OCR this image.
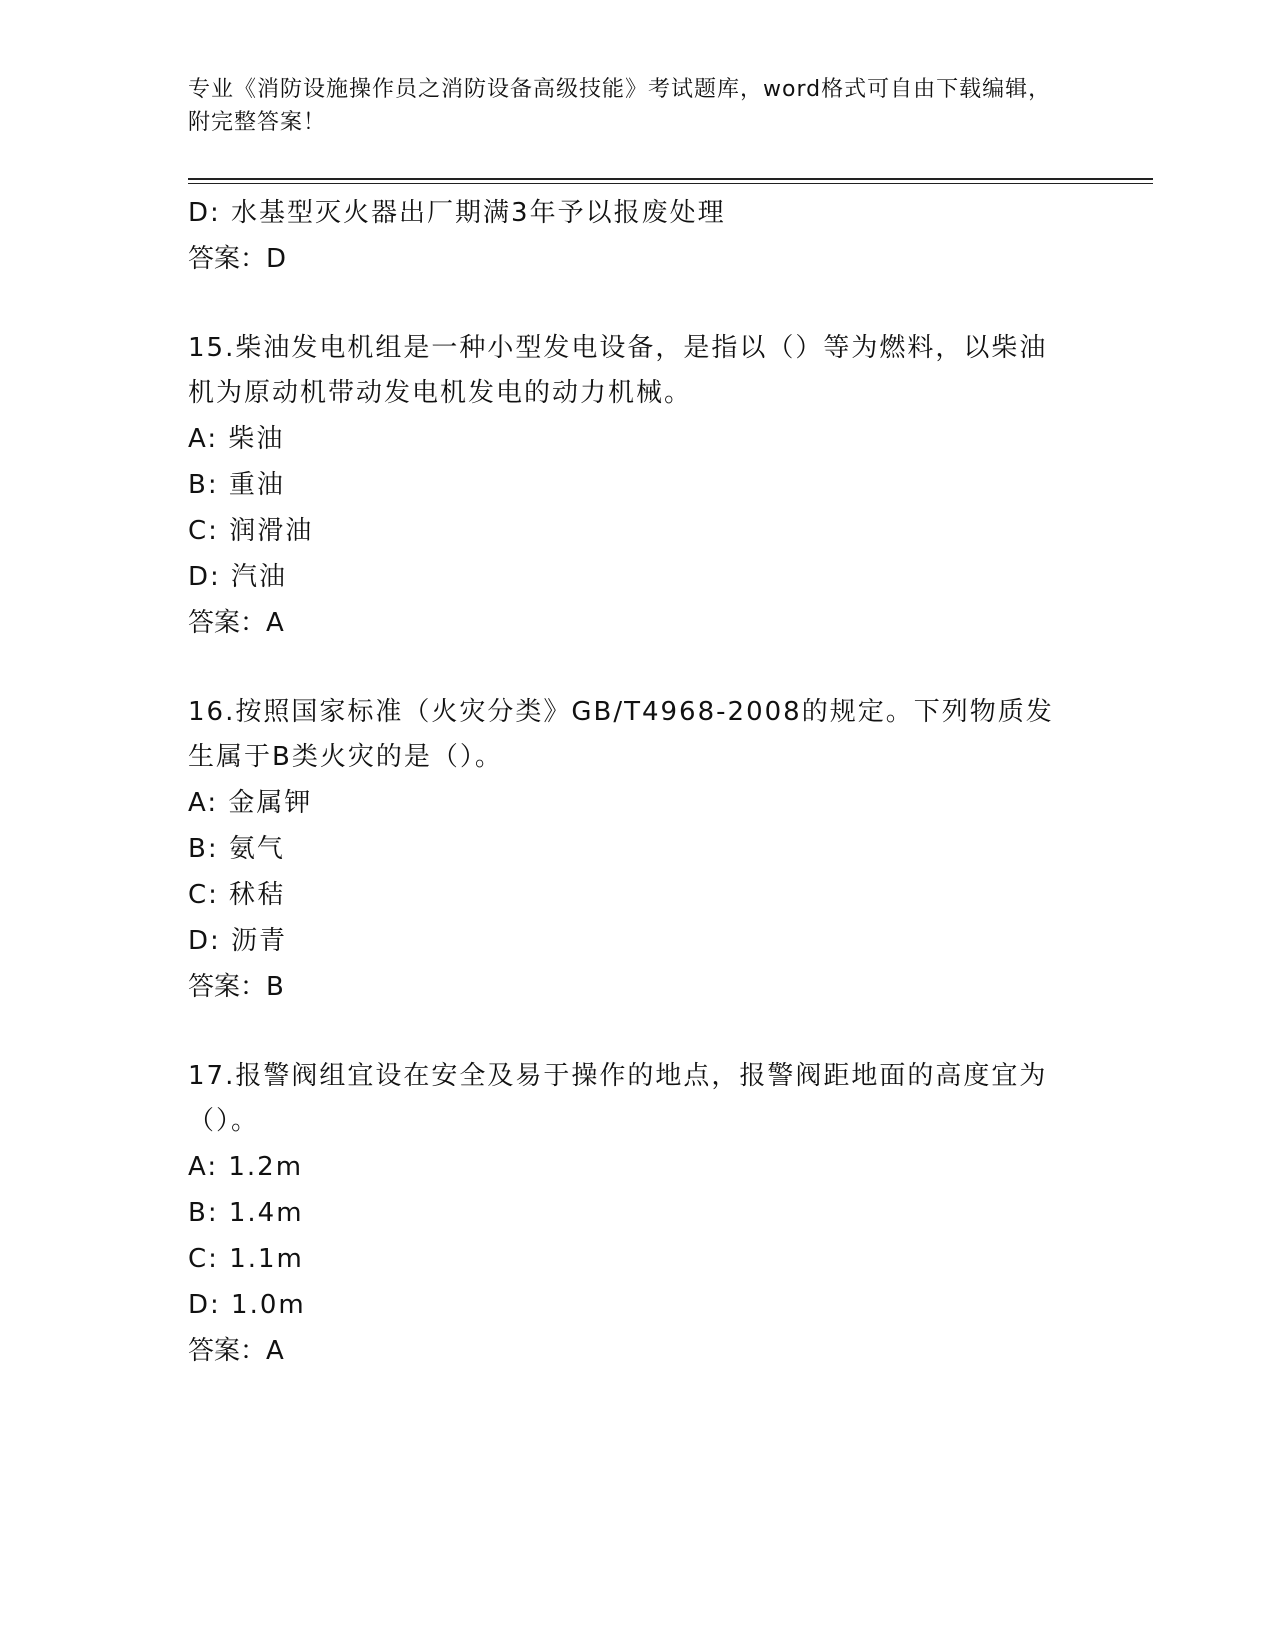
专业《消防设施操作员之消防设备高级技能》考试题库，word格式可自由下载编辑，附完整答案！
D: 水基型灭火器出厂期满3年予以报废处理
答案：D
15.柴油发电机组是一种小型发电设备，是指以（）等为燃料，以柴油机为原动机带动发电机发电的动力机械。
A: 柴油
B: 重油
C: 润滑油
D: 汽油
答案：A
16.按照国家标准（火灾分类》GB/T4968-2008的规定。下列物质发生属于B类火灾的是（）。
A: 金属钾
B: 氨气
C: 秫秸
D: 沥青
答案：B
17.报警阀组宜设在安全及易于操作的地点，报警阀距地面的高度宜为（）。
A: 1.2m
B: 1.4m
C: 1.1m
D: 1.0m
答案：A
